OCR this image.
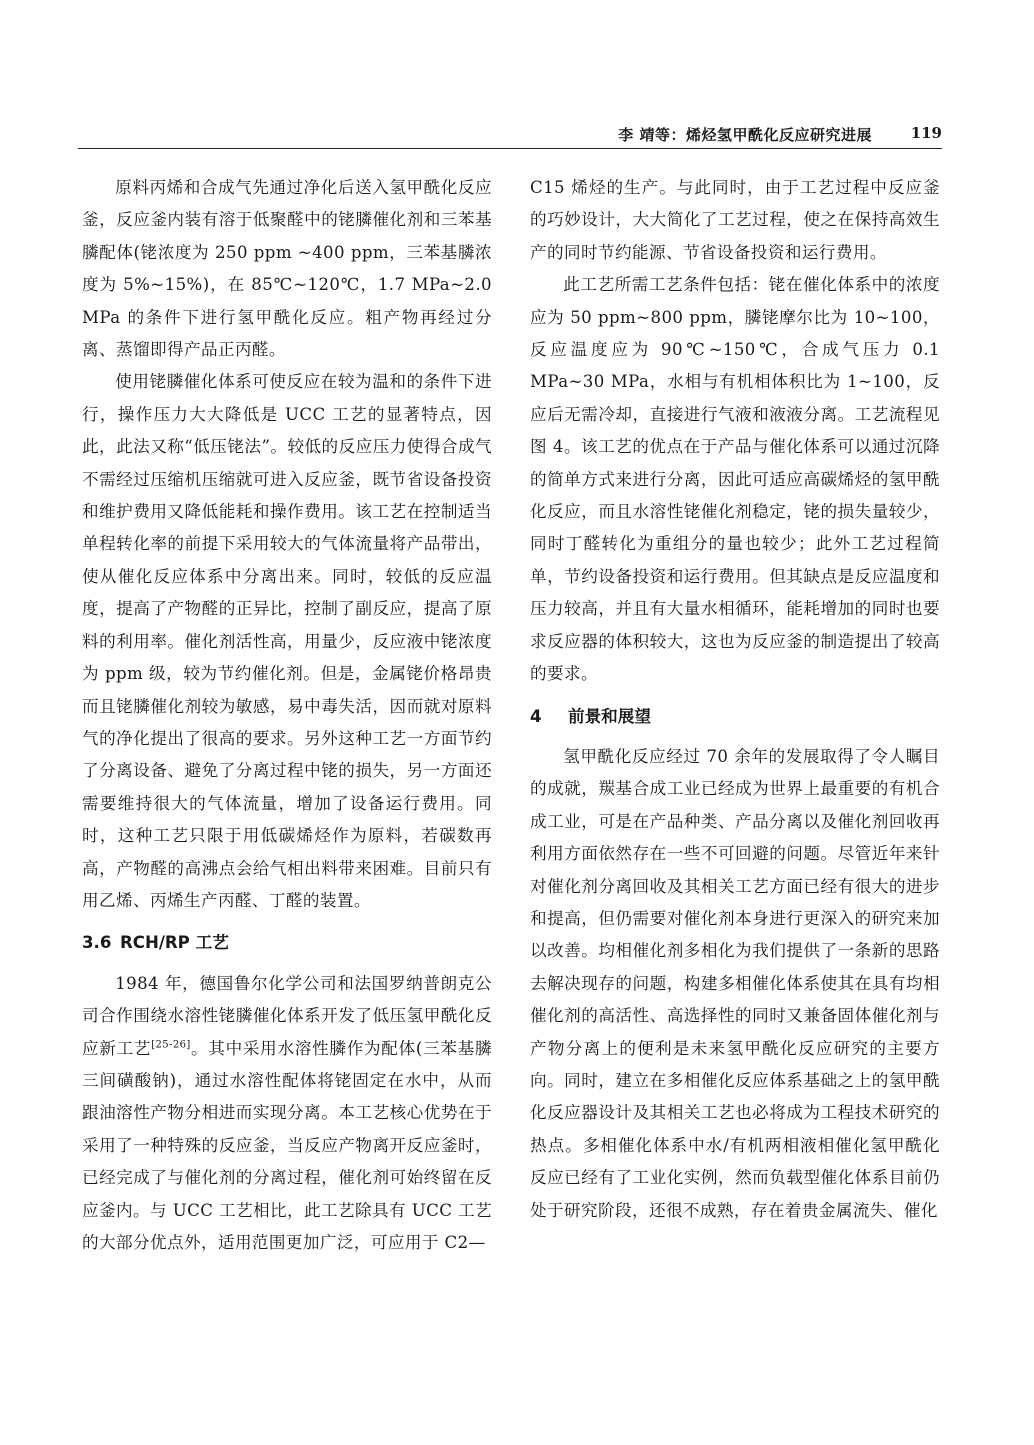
李 靖等：烯烃氢甲酰化反应研究进展	119

原料丙烯和合成气先通过净化后送入氢甲酰化反应釜，反应釜内装有溶于低聚醛中的铑膦催化剂和三苯基膦配体(铑浓度为 250 ppm ~400 ppm，三苯基膦浓度为 5%~15%)，在 85℃~120℃，1.7 MPa~2.0 MPa 的条件下进行氢甲酰化反应。粗产物再经过分离、蒸馏即得产品正丙醛。

使用铑膦催化体系可使反应在较为温和的条件下进行，操作压力大大降低是 UCC 工艺的显著特点，因此，此法又称“低压铑法”。较低的反应压力使得合成气不需经过压缩机压缩就可进入反应釜，既节省设备投资和维护费用又降低能耗和操作费用。该工艺在控制适当单程转化率的前提下采用较大的气体流量将产品带出，使从催化反应体系中分离出来。同时，较低的反应温度，提高了产物醛的正异比，控制了副反应，提高了原料的利用率。催化剂活性高，用量少，反应液中铑浓度为 ppm 级，较为节约催化剂。但是，金属铑价格昂贵而且铑膦催化剂较为敏感，易中毒失活，因而就对原料气的净化提出了很高的要求。另外这种工艺一方面节约了分离设备、避免了分离过程中铑的损失，另一方面还需要维持很大的气体流量，增加了设备运行费用。同时，这种工艺只限于用低碳烯烃作为原料，若碳数再高，产物醛的高沸点会给气相出料带来困难。目前只有用乙烯、丙烯生产丙醛、丁醛的装置。

3.6 RCH/RP 工艺

1984 年，德国鲁尔化学公司和法国罗纳普朗克公司合作围绕水溶性铑膦催化体系开发了低压氢甲酰化反应新工艺[25-26]。其中采用水溶性膦作为配体(三苯基膦三间磺酸钠)，通过水溶性配体将铑固定在水中，从而跟油溶性产物分相进而实现分离。本工艺核心优势在于采用了一种特殊的反应釜，当反应产物离开反应釜时，已经完成了与催化剂的分离过程，催化剂可始终留在反应釜内。与 UCC 工艺相比，此工艺除具有 UCC 工艺的大部分优点外，适用范围更加广泛，可应用于 C2—

C15 烯烃的生产。与此同时，由于工艺过程中反应釜的巧妙设计，大大简化了工艺过程，使之在保持高效生产的同时节约能源、节省设备投资和运行费用。

此工艺所需工艺条件包括：铑在催化体系中的浓度应为 50 ppm~800 ppm，膦铑摩尔比为 10~100，反应温度应为 90℃~150℃，合成气压力 0.1 MPa~30 MPa，水相与有机相体积比为 1~100，反应后无需冷却，直接进行气液和液液分离。工艺流程见图 4。该工艺的优点在于产品与催化体系可以通过沉降的简单方式来进行分离，因此可适应高碳烯烃的氢甲酰化反应，而且水溶性铑催化剂稳定，铑的损失量较少，同时丁醛转化为重组分的量也较少；此外工艺过程简单，节约设备投资和运行费用。但其缺点是反应温度和压力较高，并且有大量水相循环，能耗增加的同时也要求反应器的体积较大，这也为反应釜的制造提出了较高的要求。

4 前景和展望

氢甲酰化反应经过 70 余年的发展取得了令人瞩目的成就，羰基合成工业已经成为世界上最重要的有机合成工业，可是在产品种类、产品分离以及催化剂回收再利用方面依然存在一些不可回避的问题。尽管近年来针对催化剂分离回收及其相关工艺方面已经有很大的进步和提高，但仍需要对催化剂本身进行更深入的研究来加以改善。均相催化剂多相化为我们提供了一条新的思路去解决现存的问题，构建多相催化体系使其在具有均相催化剂的高活性、高选择性的同时又兼备固体催化剂与产物分离上的便利是未来氢甲酰化反应研究的主要方向。同时，建立在多相催化反应体系基础之上的氢甲酰化反应器设计及其相关工艺也必将成为工程技术研究的热点。多相催化体系中水/有机两相液相催化氢甲酰化反应已经有了工业化实例，然而负载型催化体系目前仍处于研究阶段，还很不成熟，存在着贵金属流失、催化
